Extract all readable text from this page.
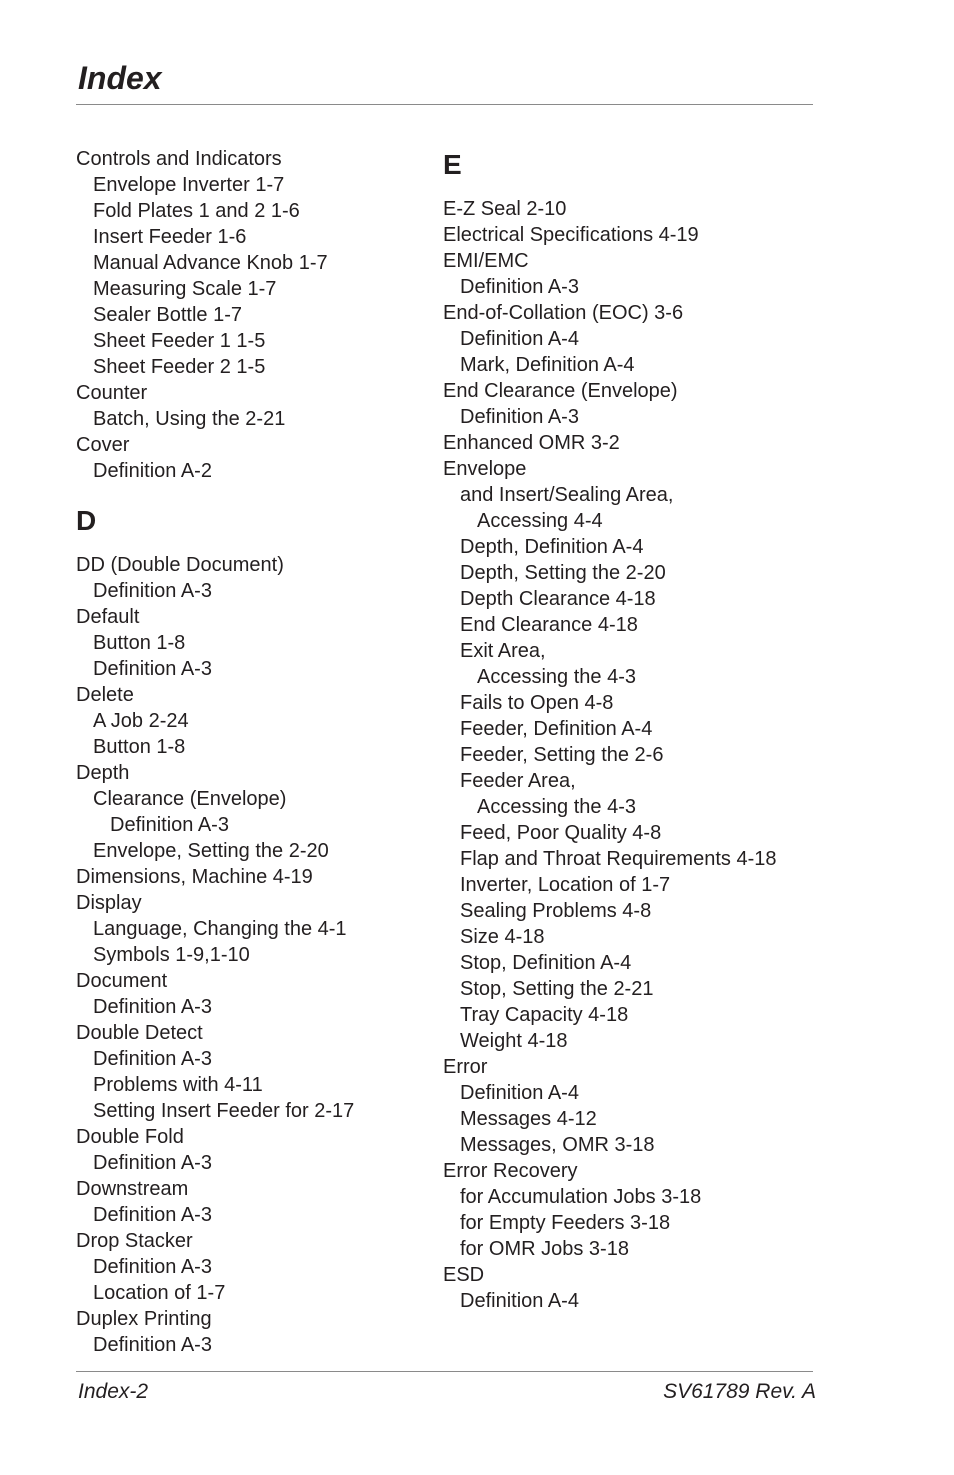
Index
Controls and Indicators
Envelope Inverter 1-7
Fold Plates 1 and 2 1-6
Insert Feeder 1-6
Manual Advance Knob 1-7
Measuring Scale 1-7
Sealer Bottle 1-7
Sheet Feeder 1 1-5
Sheet Feeder 2 1-5
Counter
Batch, Using the 2-21
Cover
Definition A-2
D
DD (Double Document)
Definition A-3
Default
Button 1-8
Definition A-3
Delete
A Job 2-24
Button 1-8
Depth
Clearance (Envelope)
Definition A-3
Envelope, Setting the 2-20
Dimensions, Machine 4-19
Display
Language, Changing the 4-1
Symbols 1-9,1-10
Document
Definition A-3
Double Detect
Definition A-3
Problems with 4-11
Setting Insert Feeder for 2-17
Double Fold
Definition A-3
Downstream
Definition A-3
Drop Stacker
Definition A-3
Location of 1-7
Duplex Printing
Definition A-3
E
E-Z Seal 2-10
Electrical Specifications 4-19
EMI/EMC
Definition A-3
End-of-Collation (EOC) 3-6
Definition A-4
Mark, Definition A-4
End Clearance (Envelope)
Definition A-3
Enhanced OMR 3-2
Envelope
and Insert/Sealing Area,
Accessing 4-4
Depth, Definition A-4
Depth, Setting the 2-20
Depth Clearance 4-18
End Clearance 4-18
Exit Area,
Accessing the 4-3
Fails to Open 4-8
Feeder, Definition A-4
Feeder, Setting the 2-6
Feeder Area,
Accessing the 4-3
Feed, Poor Quality 4-8
Flap and Throat Requirements 4-18
Inverter, Location of 1-7
Sealing Problems 4-8
Size 4-18
Stop, Definition A-4
Stop, Setting the 2-21
Tray Capacity 4-18
Weight 4-18
Error
Definition A-4
Messages 4-12
Messages, OMR 3-18
Error Recovery
for Accumulation Jobs 3-18
for Empty Feeders 3-18
for OMR Jobs 3-18
ESD
Definition A-4
Index-2	SV61789 Rev. A
